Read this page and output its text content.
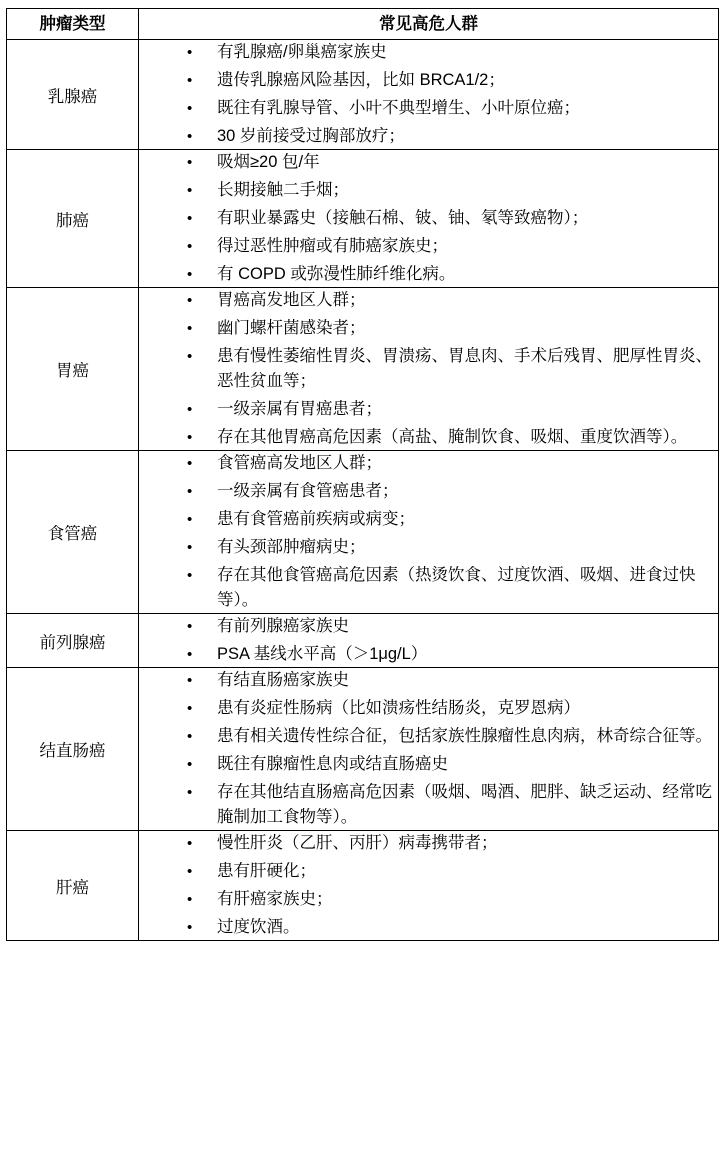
肿瘤类型	常见高危人群
乳腺癌	
• 有乳腺癌/卵巢癌家族史
• 遗传乳腺癌风险基因，比如 BRCA1/2；
• 既往有乳腺导管、小叶不典型增生、小叶原位癌；
• 30 岁前接受过胸部放疗；

肺癌	
• 吸烟≥20 包/年
• 长期接触二手烟；
• 有职业暴露史（接触石棉、铍、铀、氡等致癌物）；
• 得过恶性肿瘤或有肺癌家族史；
• 有 COPD 或弥漫性肺纤维化病。

胃癌	
• 胃癌高发地区人群；
• 幽门螺杆菌感染者；
• 患有慢性萎缩性胃炎、胃溃疡、胃息肉、手术后残胃、肥厚性胃炎、恶性贫血等；
• 一级亲属有胃癌患者；
• 存在其他胃癌高危因素（高盐、腌制饮食、吸烟、重度饮酒等）。

食管癌	
• 食管癌高发地区人群；
• 一级亲属有食管癌患者；
• 患有食管癌前疾病或病变；
• 有头颈部肿瘤病史；
• 存在其他食管癌高危因素（热烫饮食、过度饮酒、吸烟、进食过快等）。

前列腺癌	
• 有前列腺癌家族史
• PSA 基线水平高（＞1μg/L）

结直肠癌	
• 有结直肠癌家族史
• 患有炎症性肠病（比如溃疡性结肠炎，克罗恩病）
• 患有相关遗传性综合征，包括家族性腺瘤性息肉病，林奇综合征等。
• 既往有腺瘤性息肉或结直肠癌史
• 存在其他结直肠癌高危因素（吸烟、喝酒、肥胖、缺乏运动、经常吃腌制加工食物等）。

肝癌	
• 慢性肝炎（乙肝、丙肝）病毒携带者；
• 患有肝硬化；
• 有肝癌家族史；
• 过度饮酒。
